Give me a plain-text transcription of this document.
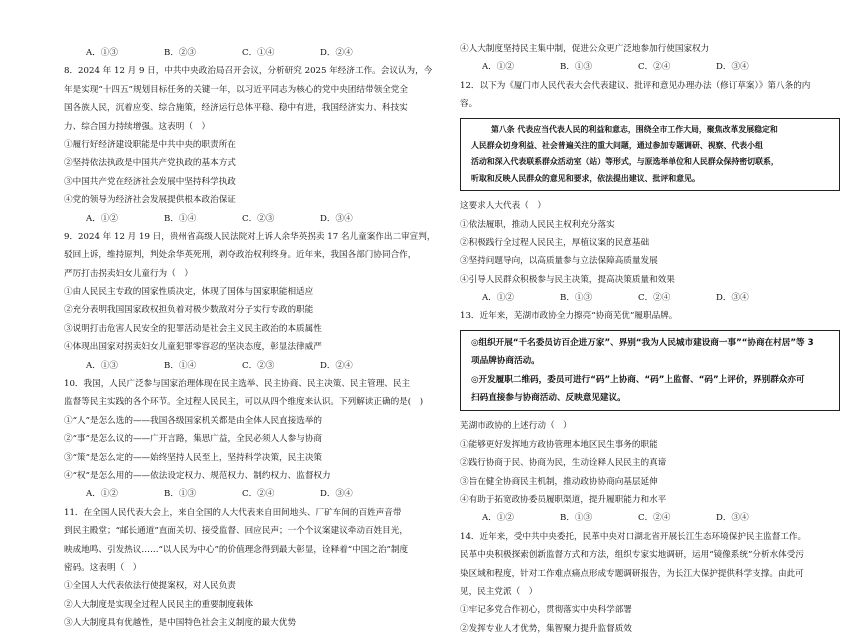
A．①③	B．②③	C．①④	D．②④
8．2024 年 12 月 9 日，中共中央政治局召开会议，分析研究 2025 年经济工作。会议认为，今
年是实现“十四五”规划目标任务的关键一年，以习近平同志为核心的党中央团结带领全党全
国各族人民，沉着应变、综合施策，经济运行总体平稳、稳中有进，我国经济实力、科技实
力、综合国力持续增强。这表明（　）
①履行好经济建设职能是中共中央的职责所在
②坚持依法执政是中国共产党执政的基本方式
③中国共产党在经济社会发展中坚持科学执政
④党的领导为经济社会发展提供根本政治保证
A．①②	B．①④	C．②③	D．③④
9．2024 年 12 月 19 日，贵州省高级人民法院对上诉人余华英拐卖 17 名儿童案作出二审宣判，
驳回上诉，维持原判，判处余华英死刑，剥夺政治权利终身。近年来，我国各部门协同合作，
严厉打击拐卖妇女儿童行为（　）
①由人民民主专政的国家性质决定，体现了国体与国家职能相适应
②充分表明我国国家政权担负着对极少数敌对分子实行专政的职能
③说明打击危害人民安全的犯罪活动是社会主义民主政治的本质属性
④体现出国家对拐卖妇女儿童犯罪零容忍的坚决态度，彰显法律威严
A．①③	B．①④	C．②③	D．②④
10．我国，人民广泛参与国家治理体现在民主选举、民主协商、民主决策、民主管理、民主
监督等民主实践的各个环节。全过程人民民主，可以从四个维度来认识。下列解读正确的是(　)
①“人”是怎么选的——我国各级国家机关都是由全体人民直接选举的
②“事”是怎么议的——广开言路，集思广益，全民必须人人参与协商
③“策”是怎么定的——始终坚持人民至上，坚持科学决策，民主决策
④“权”是怎么用的——依法设定权力、规范权力、制约权力、监督权力
A．①②	B．①③	C．②④	D．③④
11．在全国人民代表大会上，来自全国的人大代表来自田间地头、厂矿车间的百姓声音带
到民主殿堂；“邮长通道”直面关切、接受监督、回应民声；一个个议案建议牵动百姓目光，
映成地鸣、引发热议……“以人民为中心”的价值理念得到最大彰显，诠释着“中国之治”制度
密码。这表明（　）
①全国人大代表依法行使提案权，对人民负责
②人大制度是实现全过程人民民主的重要制度载体
③人大制度具有优越性，是中国特色社会主义制度的最大优势
④人大制度坚持民主集中制，促进公众更广泛地参加行使国家权力
A．①②	B．①③	C．②④	D．③④
12．以下为《厦门市人民代表大会代表建议、批评和意见办理办法（修订草案）》第八条的内
容。
第八条 代表应当代表人民的利益和意志，围绕全市工作大局，聚焦改革发展稳定和
人民群众切身利益、社会普遍关注的重大问题，通过参加专题调研、视察、代表小组
活动和深入代表联系群众活动室（站）等形式，与原选举单位和人民群众保持密切联系，
听取和反映人民群众的意见和要求，依法提出建议、批评和意见。
这要求人大代表（　）
①依法履职，推动人民民主权利充分落实
②积极践行全过程人民民主，厚植议案的民意基础
③坚持问题导向，以高质量参与立法保障高质量发展
④引导人民群众积极参与民主决策，提高决策质量和效果
A．①②	B．①③	C．②④	D．③④
13．近年来，芜湖市政协全力擦亮“协商芜优”履职品牌。
◎组织开展“千名委员访百企进万家”、界别“我为人民城市建设商一事”“协商在村居”等 3
项品牌协商活动。
◎开发履职二维码，委员可进行“码”上协商、“码”上监督、“码”上评价，界别群众亦可
扫码直接参与协商活动、反映意见建议。
芜湖市政协的上述行动（　）
①能够更好发挥地方政协管理本地区民生事务的职能
②践行协商于民、协商为民，生动诠释人民民主的真谛
③旨在健全协商民主机制，推动政协协商向基层延伸
④有助于拓宽政协委员履职渠道，提升履职能力和水平
A．①②	B．①③	C．②④	D．③④
14．近年来，受中共中央委托，民革中央对口湖北省开展长江生态环境保护民主监督工作。
民革中央积极探索创新监督方式和方法，组织专家实地调研，运用“镜像系统”分析水体受污
染区域和程度，针对工作难点痛点形成专题调研报告，为长江大保护提供科学支撑。由此可
见，民主党派（　）
①牢记多党合作初心，贯彻落实中央科学部署
②发挥专业人才优势，集智聚力提升监督质效
